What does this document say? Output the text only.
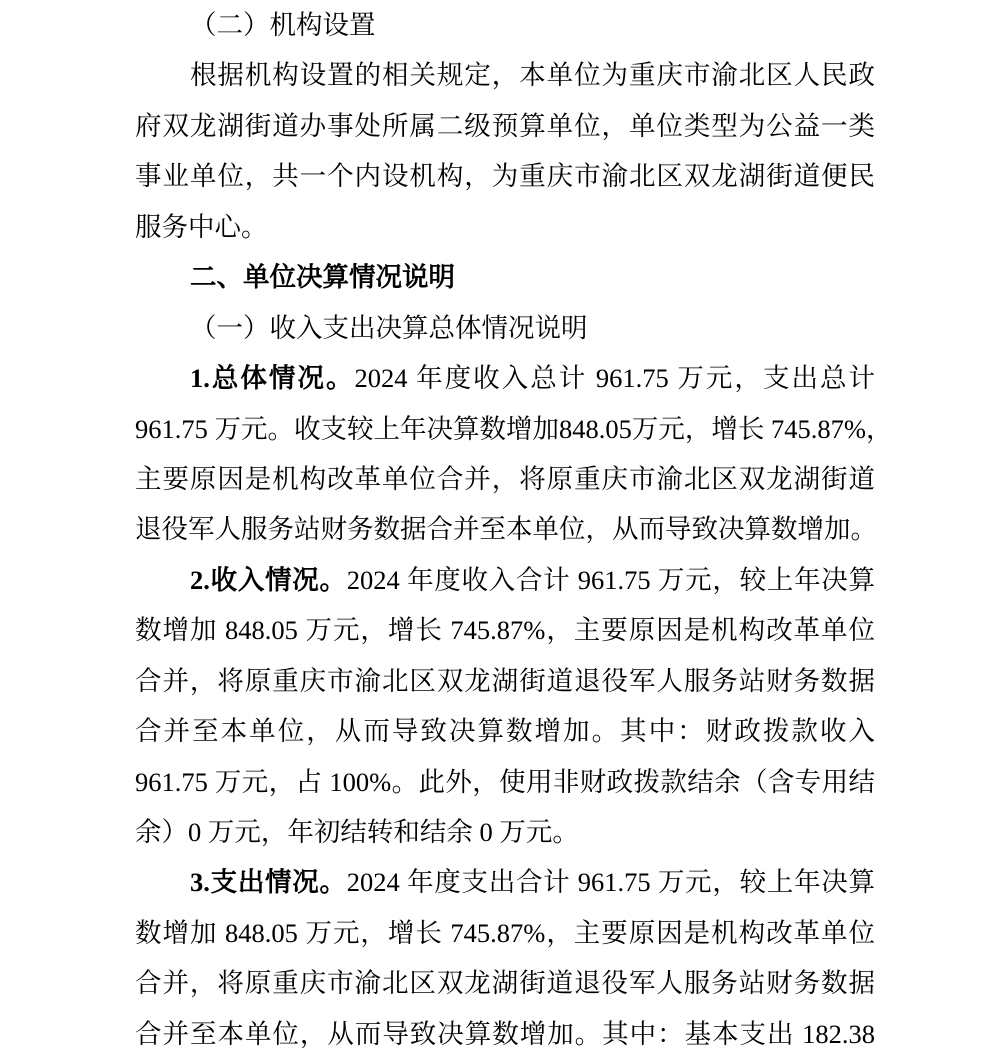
（二）机构设置
根据机构设置的相关规定，本单位为重庆市渝北区人民政
府双龙湖街道办事处所属二级预算单位，单位类型为公益一类
事业单位，共一个内设机构，为重庆市渝北区双龙湖街道便民
服务中心。
二、单位决算情况说明
（一）收入支出决算总体情况说明
1.总体情况。2024 年度收入总计 961.75 万元，支出总计
961.75 万元。收支较上年决算数增加848.05万元，增长 745.87%，
主要原因是机构改革单位合并，将原重庆市渝北区双龙湖街道
退役军人服务站财务数据合并至本单位，从而导致决算数增加。
2.收入情况。2024 年度收入合计 961.75 万元，较上年决算
数增加 848.05 万元，增长 745.87%，主要原因是机构改革单位
合并，将原重庆市渝北区双龙湖街道退役军人服务站财务数据
合并至本单位，从而导致决算数增加。其中：财政拨款收入
961.75 万元，占 100%。此外，使用非财政拨款结余（含专用结
余）0 万元，年初结转和结余 0 万元。
3.支出情况。2024 年度支出合计 961.75 万元，较上年决算
数增加 848.05 万元，增长 745.87%，主要原因是机构改革单位
合并，将原重庆市渝北区双龙湖街道退役军人服务站财务数据
合并至本单位，从而导致决算数增加。其中：基本支出 182.38
